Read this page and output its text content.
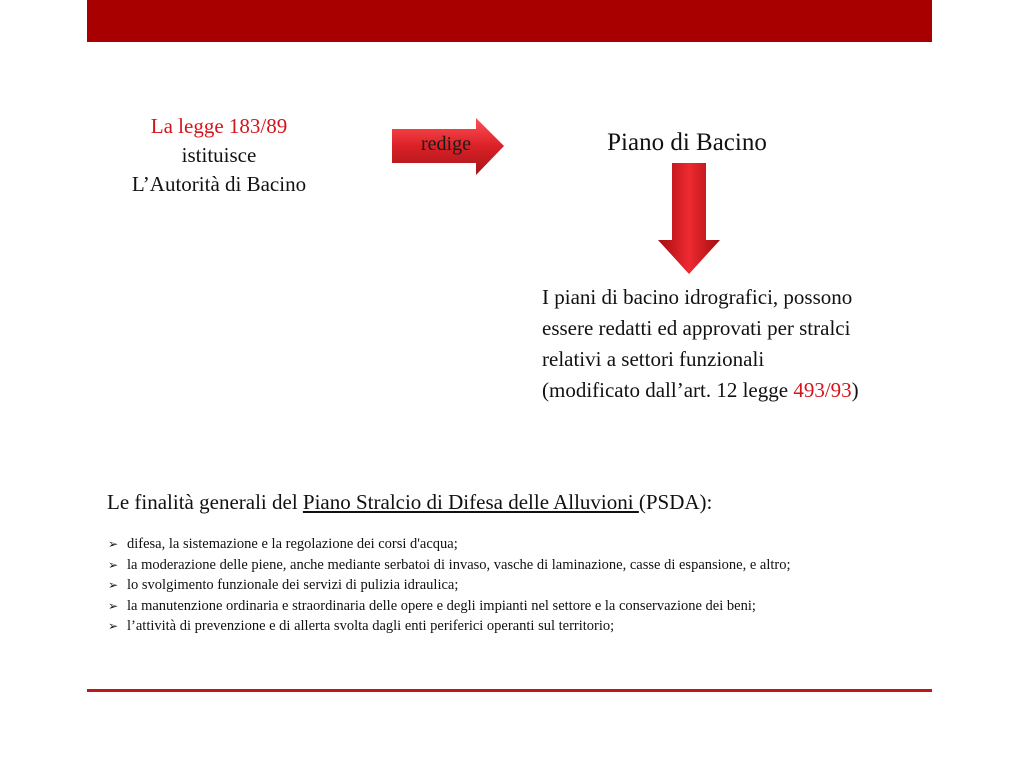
La legge 183/89
istituisce
L’Autorità di Bacino
redige	Piano di Bacino
I piani di bacino idrografici, possono essere redatti ed approvati per stralci relativi a settori funzionali (modificato dall’art. 12 legge 493/93)
Le finalità generali del Piano Stralcio di Difesa delle Alluvioni (PSDA):
➢ difesa, la sistemazione e la regolazione dei corsi d'acqua;
➢ la moderazione delle piene, anche mediante serbatoi di invaso, vasche di laminazione, casse di espansione, e altro;
➢ lo svolgimento funzionale dei servizi di pulizia idraulica;
➢ la manutenzione ordinaria e straordinaria delle opere e degli impianti nel settore e la conservazione dei beni;
➢ l’attività di prevenzione e di allerta svolta dagli enti periferici operanti sul territorio;
